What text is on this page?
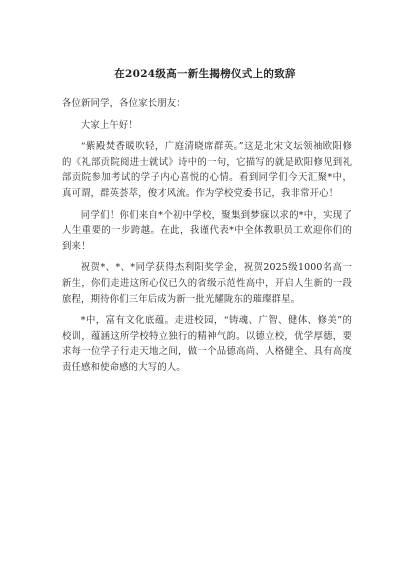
在2024级高一新生揭榜仪式上的致辞

各位新同学，各位家长朋友：

大家上午好！

“紫殿焚香暖吹轻，广庭清晓席群英。”这是北宋文坛领袖欧阳修的《礼部贡院阅进士就试》诗中的一句，它描写的就是欧阳修见到礼部贡院参加考试的学子内心喜悦的心情。看到同学们今天汇聚*中，真可谓，群英荟萃，俊才风流。作为学校党委书记，我非常开心！

同学们！你们来自*个初中学校，聚集到梦寐以求的*中，实现了人生重要的一步跨越。在此，我谨代表*中全体教职员工欢迎你们的到来！

祝贺*、*、*同学获得杰利阳奖学金，祝贺2025级1000名高一新生，你们走进这所心仪已久的省级示范性高中，开启人生新的一段旅程，期待你们三年后成为新一批光耀陇东的璀璨群星。

*中，富有文化底蕴。走进校园，“铸魂、广智、健体、修美”的校训，蕴涵这所学校特立独行的精神气韵。以德立校，优学厚德，要求每一位学子行走天地之间，做一个品德高尚、人格健全、具有高度责任感和使命感的大写的人。
